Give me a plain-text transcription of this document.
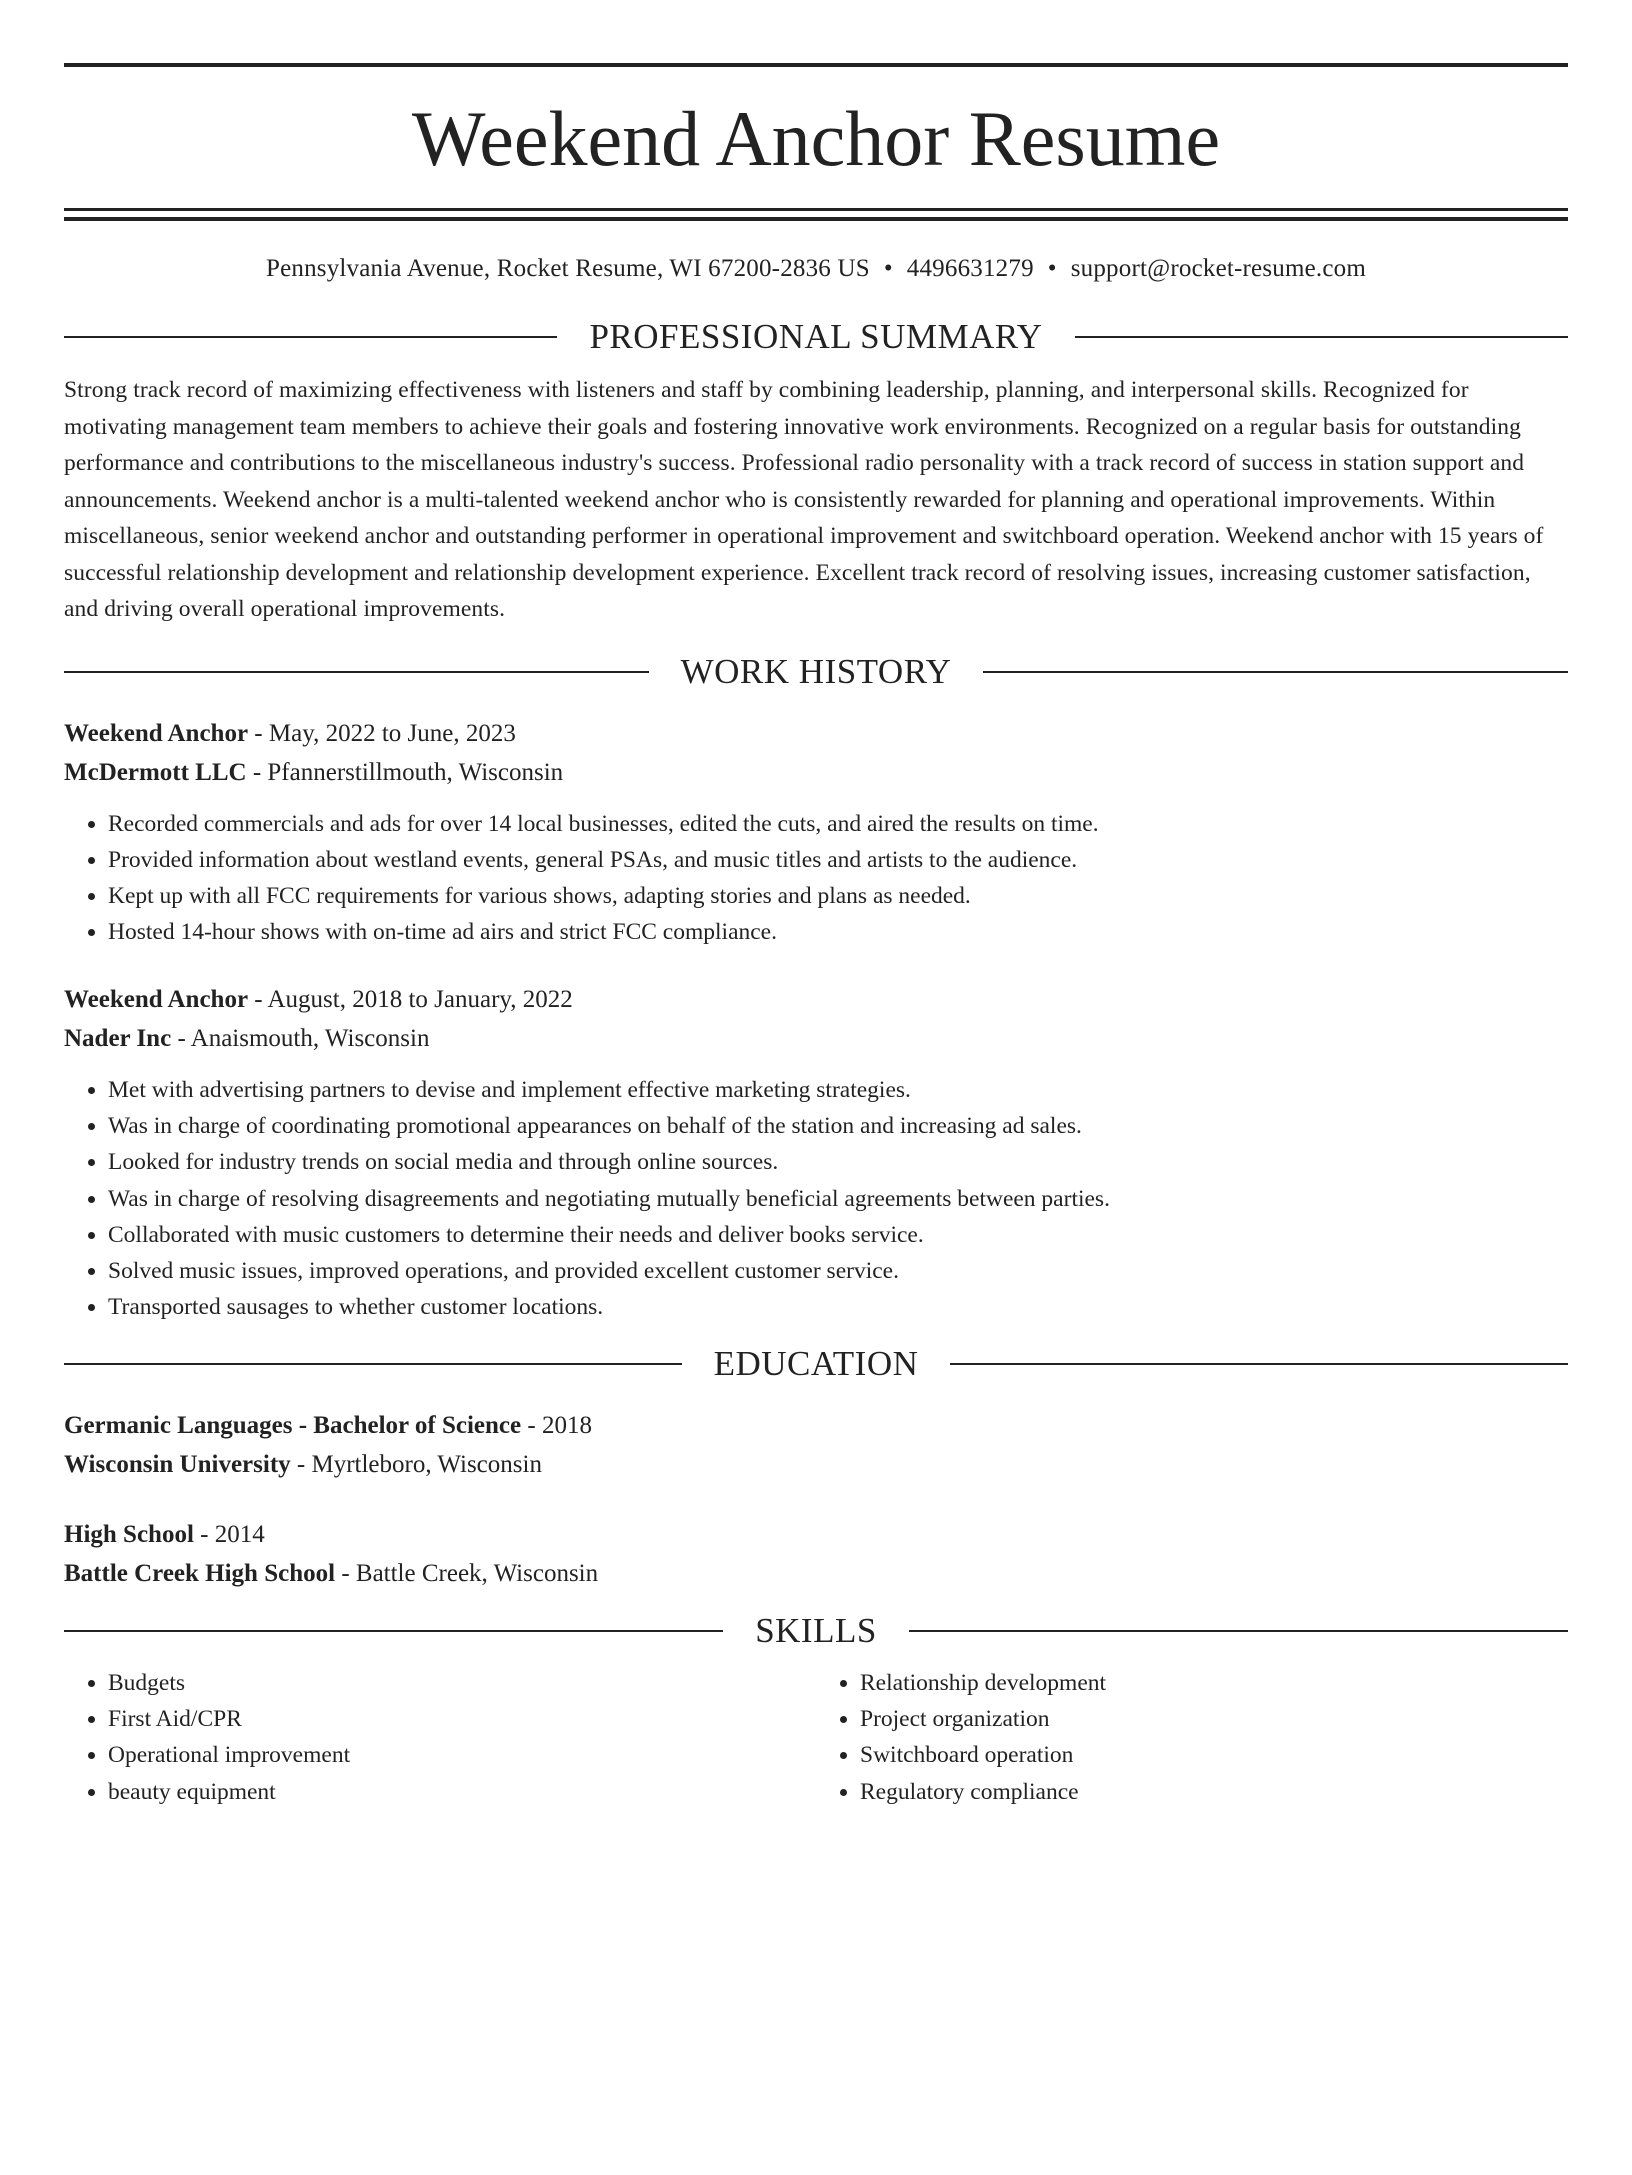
Weekend Anchor Resume
Pennsylvania Avenue, Rocket Resume, WI 67200-2836 US • 4496631279 • support@rocket-resume.com
PROFESSIONAL SUMMARY

Strong track record of maximizing effectiveness with listeners and staff by combining leadership, planning, and interpersonal skills. Recognized for motivating management team members to achieve their goals and fostering innovative work environments. Recognized on a regular basis for outstanding performance and contributions to the miscellaneous industry's success. Professional radio personality with a track record of success in station support and announcements. Weekend anchor is a multi-talented weekend anchor who is consistently rewarded for planning and operational improvements. Within miscellaneous, senior weekend anchor and outstanding performer in operational improvement and switchboard operation. Weekend anchor with 15 years of successful relationship development and relationship development experience. Excellent track record of resolving issues, increasing customer satisfaction, and driving overall operational improvements.

WORK HISTORY
Weekend Anchor - May, 2022 to June, 2023
McDermott LLC - Pfannerstillmouth, Wisconsin
• Recorded commercials and ads for over 14 local businesses, edited the cuts, and aired the results on time.
• Provided information about westland events, general PSAs, and music titles and artists to the audience.
• Kept up with all FCC requirements for various shows, adapting stories and plans as needed.
• Hosted 14-hour shows with on-time ad airs and strict FCC compliance.
Weekend Anchor - August, 2018 to January, 2022
Nader Inc - Anaismouth, Wisconsin
• Met with advertising partners to devise and implement effective marketing strategies.
• Was in charge of coordinating promotional appearances on behalf of the station and increasing ad sales.
• Looked for industry trends on social media and through online sources.
• Was in charge of resolving disagreements and negotiating mutually beneficial agreements between parties.
• Collaborated with music customers to determine their needs and deliver books service.
• Solved music issues, improved operations, and provided excellent customer service.
• Transported sausages to whether customer locations.
EDUCATION
Germanic Languages - Bachelor of Science - 2018
Wisconsin University - Myrtleboro, Wisconsin
High School - 2014
Battle Creek High School - Battle Creek, Wisconsin
SKILLS
• Budgets
• First Aid/CPR
• Operational improvement
• beauty equipment
• Relationship development
• Project organization
• Switchboard operation
• Regulatory compliance
